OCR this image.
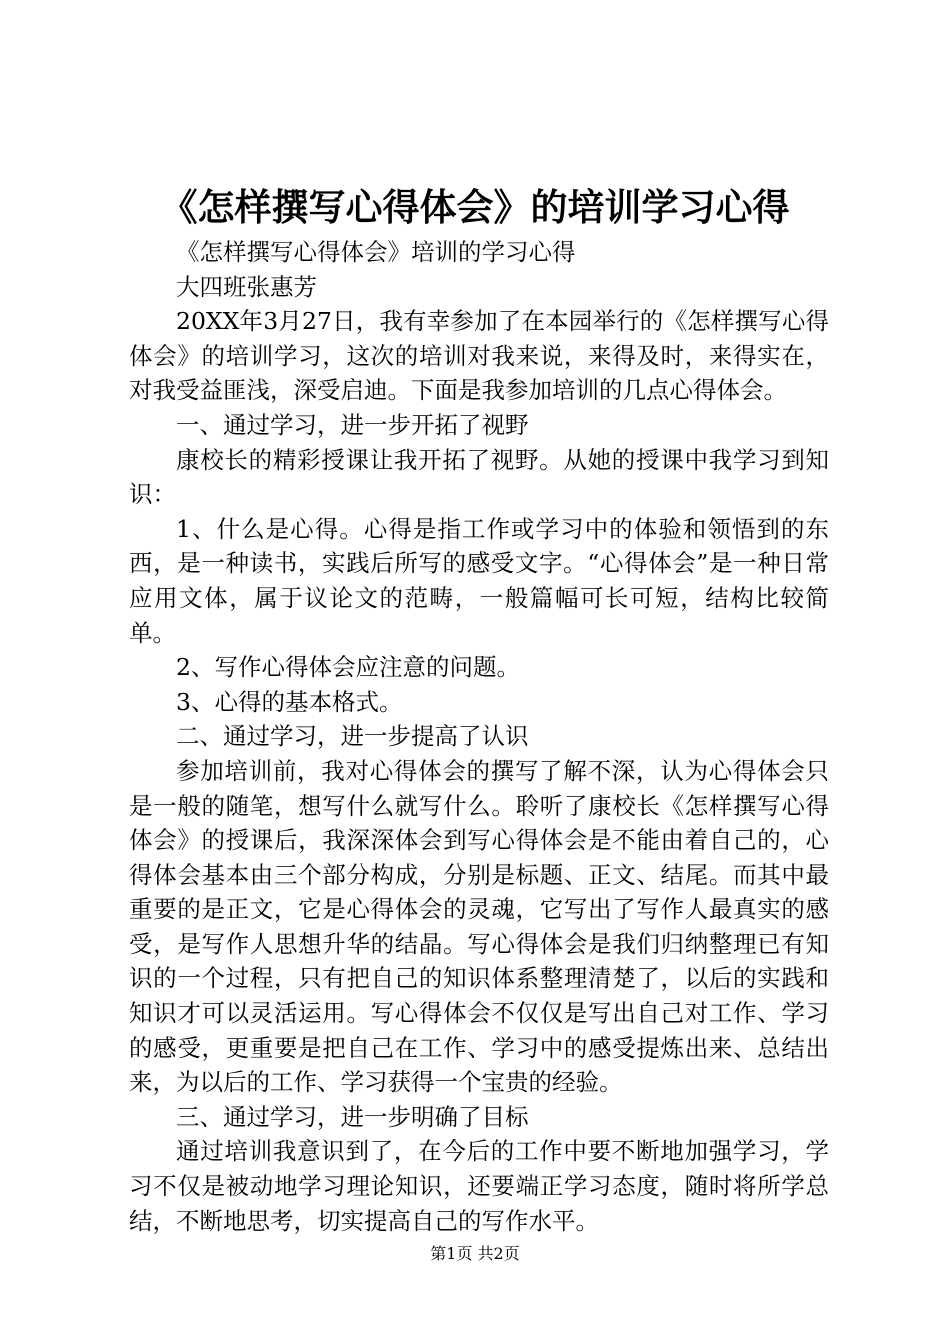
《怎样撰写心得体会》的培训学习心得

《怎样撰写心得体会》培训的学习心得

大四班张惠芳

20XX年3月27日，我有幸参加了在本园举行的《怎样撰写心得体会》的培训学习，这次的培训对我来说，来得及时，来得实在，对我受益匪浅，深受启迪。下面是我参加培训的几点心得体会。

一、通过学习，进一步开拓了视野

康校长的精彩授课让我开拓了视野。从她的授课中我学习到知识：

1、什么是心得。心得是指工作或学习中的体验和领悟到的东西，是一种读书，实践后所写的感受文字。“心得体会”是一种日常应用文体，属于议论文的范畴，一般篇幅可长可短，结构比较简单。

2、写作心得体会应注意的问题。

3、心得的基本格式。

二、通过学习，进一步提高了认识

参加培训前，我对心得体会的撰写了解不深，认为心得体会只是一般的随笔，想写什么就写什么。聆听了康校长《怎样撰写心得体会》的授课后，我深深体会到写心得体会是不能由着自己的，心得体会基本由三个部分构成，分别是标题、正文、结尾。而其中最重要的是正文，它是心得体会的灵魂，它写出了写作人最真实的感受，是写作人思想升华的结晶。写心得体会是我们归纳整理已有知识的一个过程，只有把自己的知识体系整理清楚了，以后的实践和知识才可以灵活运用。写心得体会不仅仅是写出自己对工作、学习的感受，更重要是把自己在工作、学习中的感受提炼出来、总结出来，为以后的工作、学习获得一个宝贵的经验。

三、通过学习，进一步明确了目标

通过培训我意识到了，在今后的工作中要不断地加强学习，学习不仅是被动地学习理论知识，还要端正学习态度，随时将所学总结，不断地思考，切实提高自己的写作水平。

第1页 共2页
